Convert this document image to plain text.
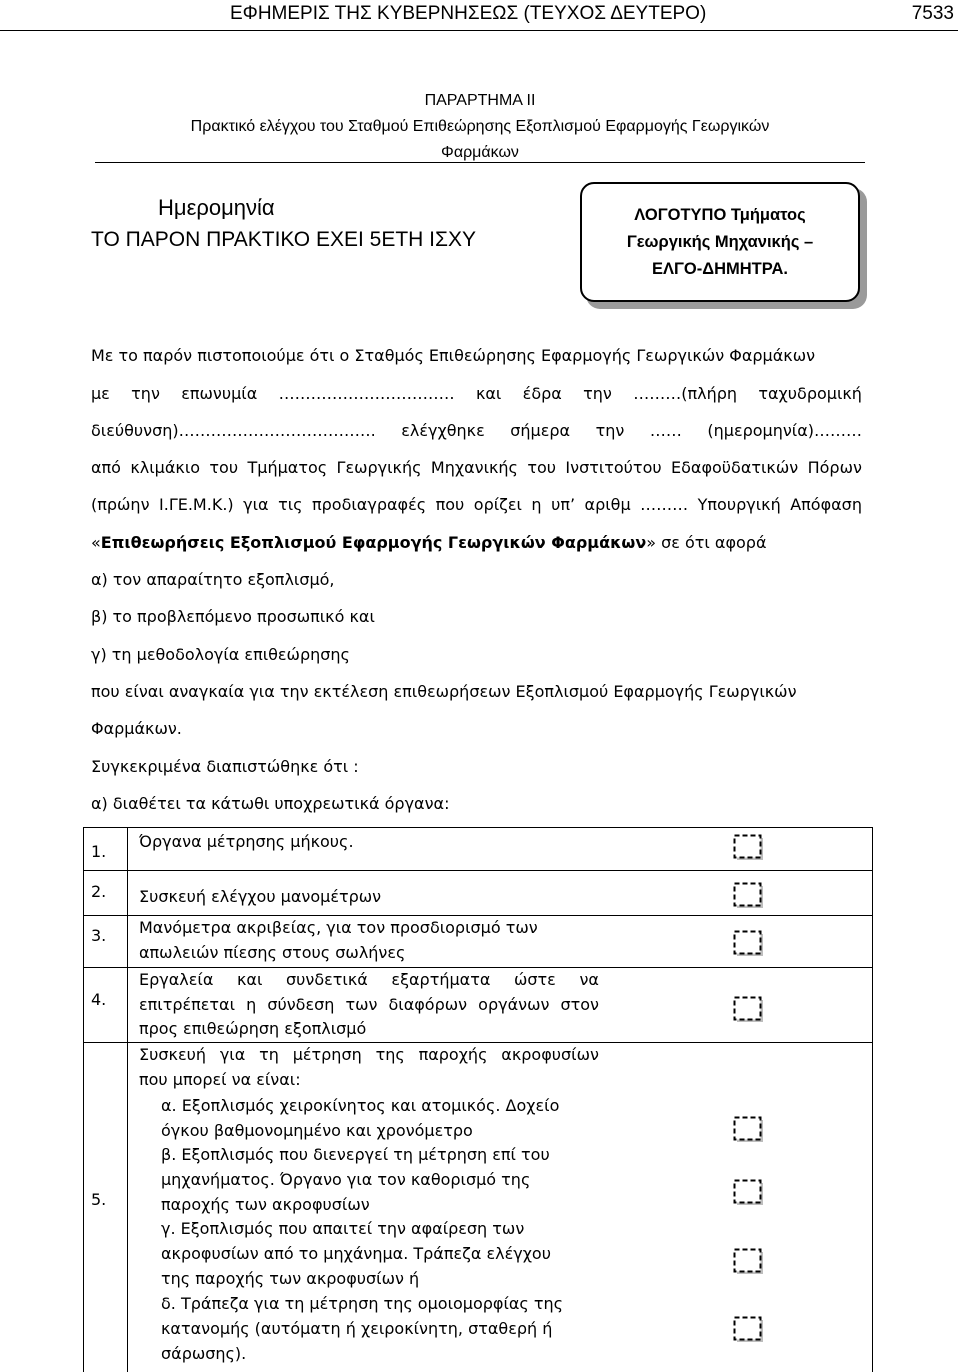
ΕΦΗΜΕΡΙΣ ΤΗΣ ΚΥΒΕΡΝΗΣΕΩΣ (ΤΕΥΧΟΣ ΔΕΥΤΕΡΟ)	7533
ΠΑΡΑΡΤΗΜΑ ΙΙ
Πρακτικό ελέγχου του Σταθμού Επιθεώρησης Εξοπλισμού Εφαρμογής Γεωργικών
Φαρμάκων
Ημερομηνία
ΤΟ ΠΑΡΟΝ ΠΡΑΚΤΙΚΟ ΕΧΕΙ 5ΕΤΗ ΙΣΧΥ
ΛΟΓΟΤΥΠΟ Τμήματος
Γεωργικής Μηχανικής –
ΕΛΓΟ-ΔΗΜΗΤΡΑ.
Με το παρόν πιστοποιούμε ότι ο Σταθμός Επιθεώρησης Εφαρμογής Γεωργικών Φαρμάκων
με την επωνυμία …………………………… και έδρα την ………(πλήρη ταχυδρομική
διεύθυνση)………………………………. ελέγχθηκε σήμερα την …… (ημερομηνία)………
από κλιμάκιο του Τμήματος Γεωργικής Μηχανικής του Ινστιτούτου Εδαφοϋδατικών Πόρων
(πρώην Ι.ΓΕ.Μ.Κ.) για τις προδιαγραφές που ορίζει η υπ’ αριθμ ……… Υπουργική Απόφαση
«Επιθεωρήσεις Εξοπλισμού Εφαρμογής Γεωργικών Φαρμάκων» σε ότι αφορά
α) τον απαραίτητο εξοπλισμό,
β) το προβλεπόμενο προσωπικό και
γ) τη μεθοδολογία επιθεώρησης
που είναι αναγκαία για την εκτέλεση επιθεωρήσεων Εξοπλισμού Εφαρμογής Γεωργικών
Φαρμάκων.
Συγκεκριμένα διαπιστώθηκε ότι :
α) διαθέτει τα κάτωθι υποχρεωτικά όργανα:
1.
Όργανα μέτρησης μήκους.
2. Συσκευή ελέγχου μανομέτρων
3. Μανόμετρα ακριβείας, για τον προσδιορισμό των
απωλειών πίεσης στους σωλήνες
4.
Εργαλεία και συνδετικά εξαρτήματα ώστε να
επιτρέπεται η σύνδεση των διαφόρων οργάνων στον
προς επιθεώρηση εξοπλισμό
5.
Συσκευή για τη μέτρηση της παροχής ακροφυσίων
που μπορεί να είναι:
α. Εξοπλισμός χειροκίνητος και ατομικός. Δοχείο
όγκου βαθμονομημένο και χρονόμετρο
β. Εξοπλισμός που διενεργεί τη μέτρηση επί του
μηχανήματος. Όργανο για τον καθορισμό της
παροχής των ακροφυσίων
γ. Εξοπλισμός που απαιτεί την αφαίρεση των
ακροφυσίων από το μηχάνημα. Τράπεζα ελέγχου
της παροχής των ακροφυσίων ή
δ. Τράπεζα για τη μέτρηση της ομοιομορφίας της
κατανομής (αυτόματη ή χειροκίνητη, σταθερή ή
σάρωσης).
